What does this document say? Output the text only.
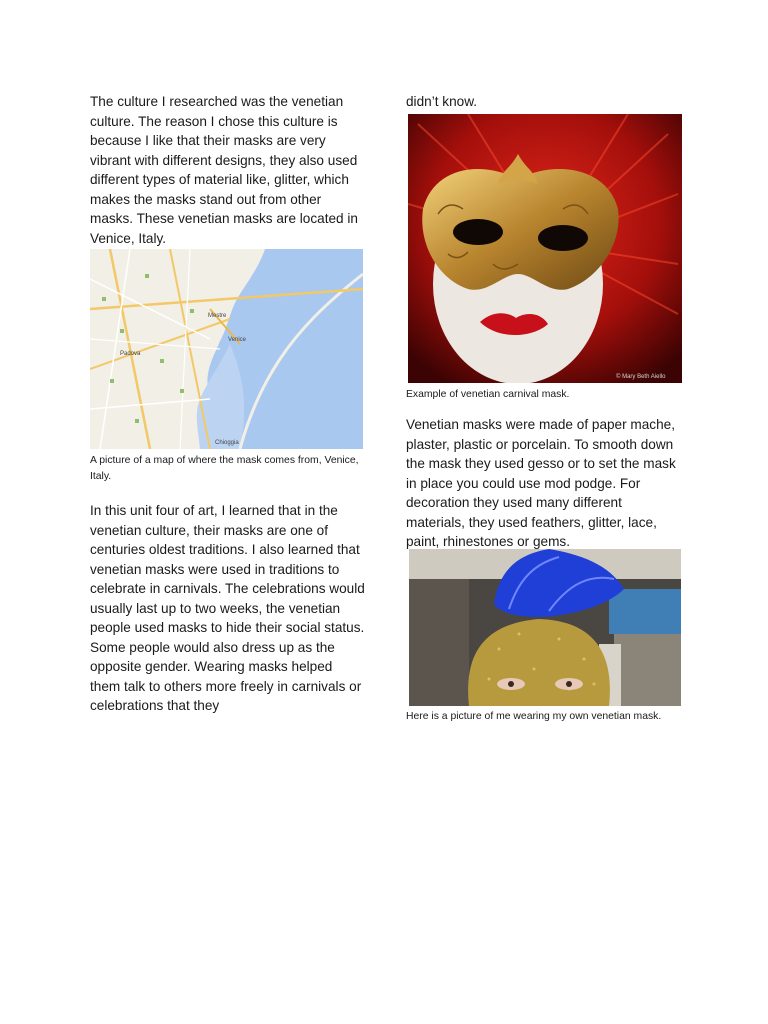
The culture I researched was the venetian culture. The reason I chose this culture is because I like that their masks are very vibrant with different designs, they also used different types of material like, glitter, which makes the masks stand out from other masks. These venetian masks are located in Venice, Italy.

Mestre
Venice
Padova
Chioggia

A picture of a map of where the mask comes from, Venice, Italy.

In this unit four of art, I learned that in the venetian culture, their masks are one of centuries oldest traditions. I also learned that venetian masks were used in traditions to celebrate in carnivals. The celebrations would usually last up to two weeks, the venetian people used masks to hide their social status. Some people would also dress up as the opposite gender. Wearing masks helped them talk to others more freely in carnivals or celebrations that they

didn’t know.

© Mary Beth Aiello

Example of venetian carnival mask.

Venetian masks were made of paper mache, plaster, plastic or porcelain. To smooth down the mask they used gesso or to set the mask in place you could use mod podge. For decoration they used many different materials, they used feathers, glitter, lace, paint, rhinestones or gems.

Here is a picture of me wearing my own venetian mask.
